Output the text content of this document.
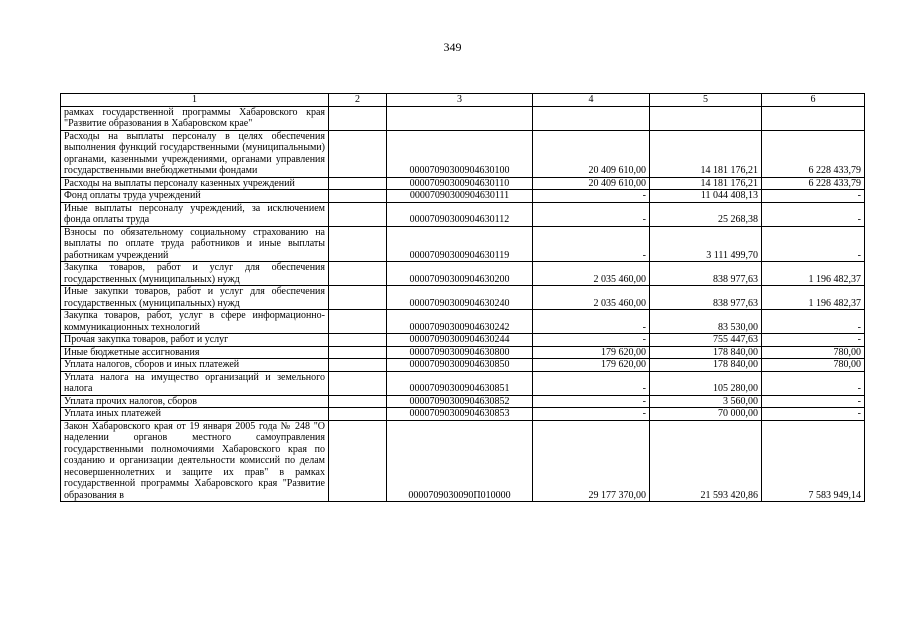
349
1	2	3	4	5	6
рамках государственной программы Хабаровского края "Развитие образования в Хабаровском крае"					
Расходы на выплаты персоналу в целях обеспечения выполнения функций государственными (муниципальными) органами, казенными учреждениями, органами управления государственными внебюджетными фондами		00007090300904630100	20 409 610,00	14 181 176,21	6 228 433,79
Расходы на выплаты персоналу казенных учреждений		00007090300904630110	20 409 610,00	14 181 176,21	6 228 433,79
Фонд оплаты труда учреждений		00007090300904630111	-	11 044 408,13	-
Иные выплаты персоналу учреждений, за исключением фонда оплаты труда		00007090300904630112	-	25 268,38	-
Взносы по обязательному социальному страхованию на выплаты по оплате труда работников и иные выплаты работникам учреждений		00007090300904630119	-	3 111 499,70	-
Закупка товаров, работ и услуг для обеспечения государственных (муниципальных) нужд		00007090300904630200	2 035 460,00	838 977,63	1 196 482,37
Иные закупки товаров, работ и услуг для обеспечения государственных (муниципальных) нужд		00007090300904630240	2 035 460,00	838 977,63	1 196 482,37
Закупка товаров, работ, услуг в сфере информационно-коммуникационных технологий		00007090300904630242	-	83 530,00	-
Прочая закупка товаров, работ и услуг		00007090300904630244	-	755 447,63	-
Иные бюджетные ассигнования		00007090300904630800	179 620,00	178 840,00	780,00
Уплата налогов, сборов и иных платежей		00007090300904630850	179 620,00	178 840,00	780,00
Уплата налога на имущество организаций и земельного налога		00007090300904630851	-	105 280,00	-
Уплата прочих налогов, сборов		00007090300904630852	-	3 560,00	-
Уплата иных платежей		00007090300904630853	-	70 000,00	-
Закон Хабаровского края от 19 января 2005 года № 248 "О наделении органов местного самоуправления государственными полномочиями Хабаровского края по созданию и организации деятельности комиссий по делам несовершеннолетних и защите их прав" в рамках государственной программы Хабаровского края "Развитие образования в		0000709030090П010000	29 177 370,00	21 593 420,86	7 583 949,14
